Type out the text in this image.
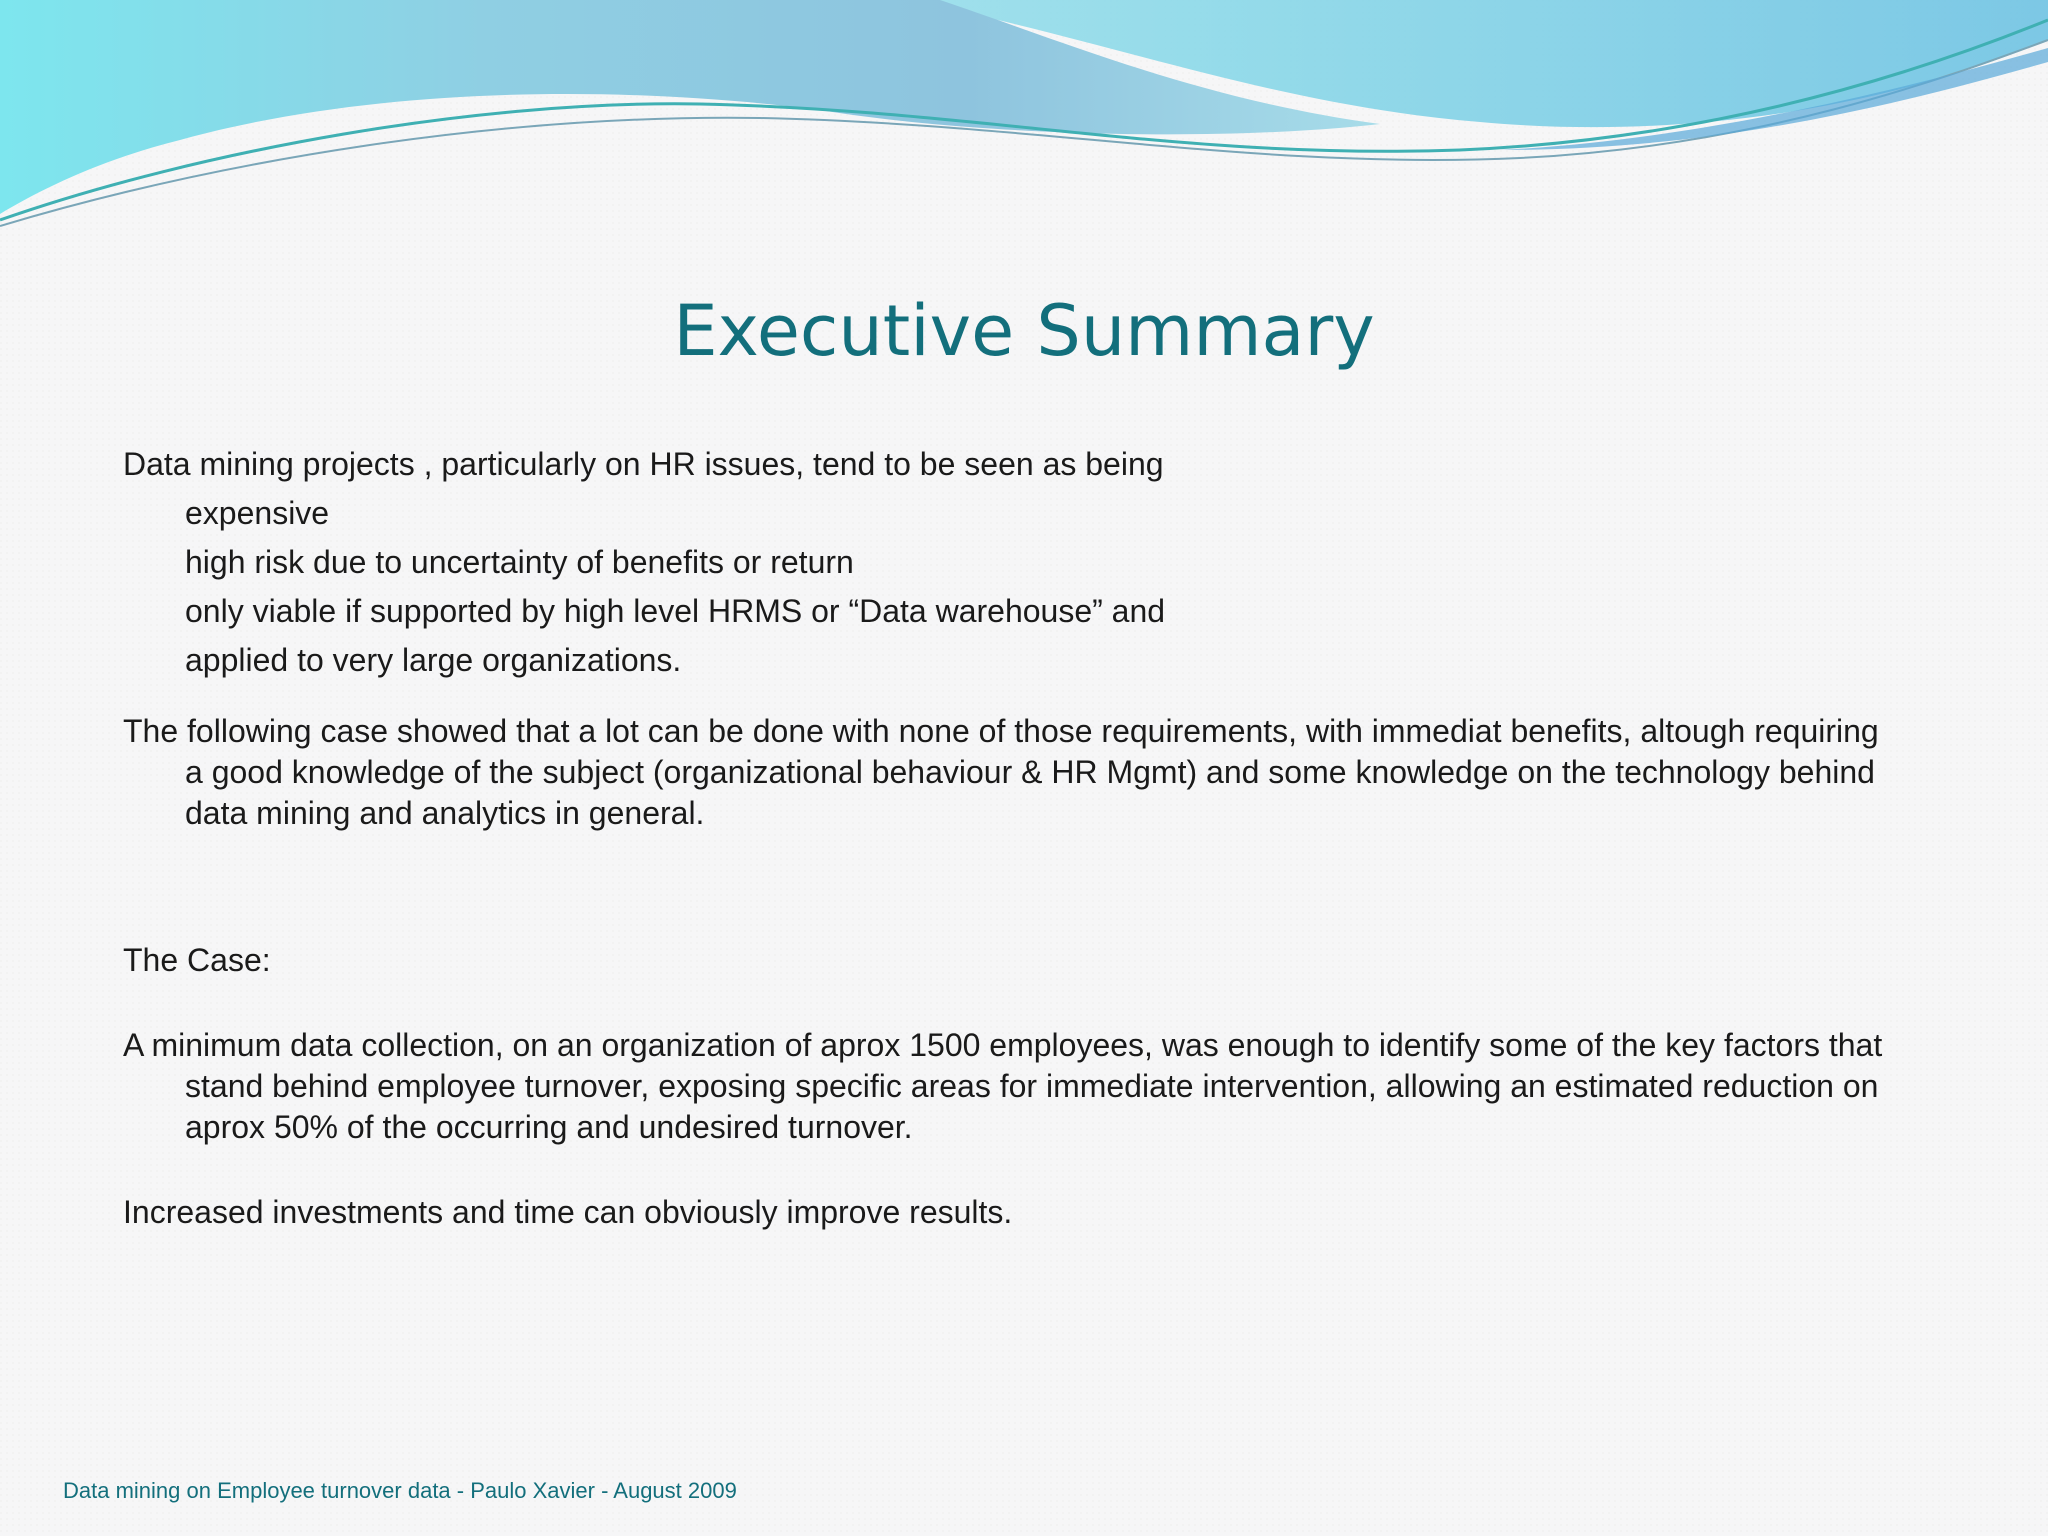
Executive Summary

Data mining projects , particularly on HR issues, tend to be seen as being

expensive

high risk due to uncertainty of benefits or return

only viable if supported by high level HRMS or “Data warehouse” and

applied to very large organizations.

The following case showed that a lot can be done with none of those requirements, with immediat benefits, altough requiring a good knowledge of the subject (organizational behaviour & HR Mgmt) and some knowledge on the technology behind data mining and analytics in general.

The Case:

A minimum data collection, on an organization of aprox 1500 employees, was enough to identify some of the key factors that stand behind employee turnover, exposing specific areas for immediate intervention, allowing an estimated reduction on aprox 50% of the occurring and undesired turnover.

Increased investments and time can obviously improve results.

Data mining on Employee turnover data - Paulo Xavier - August 2009
